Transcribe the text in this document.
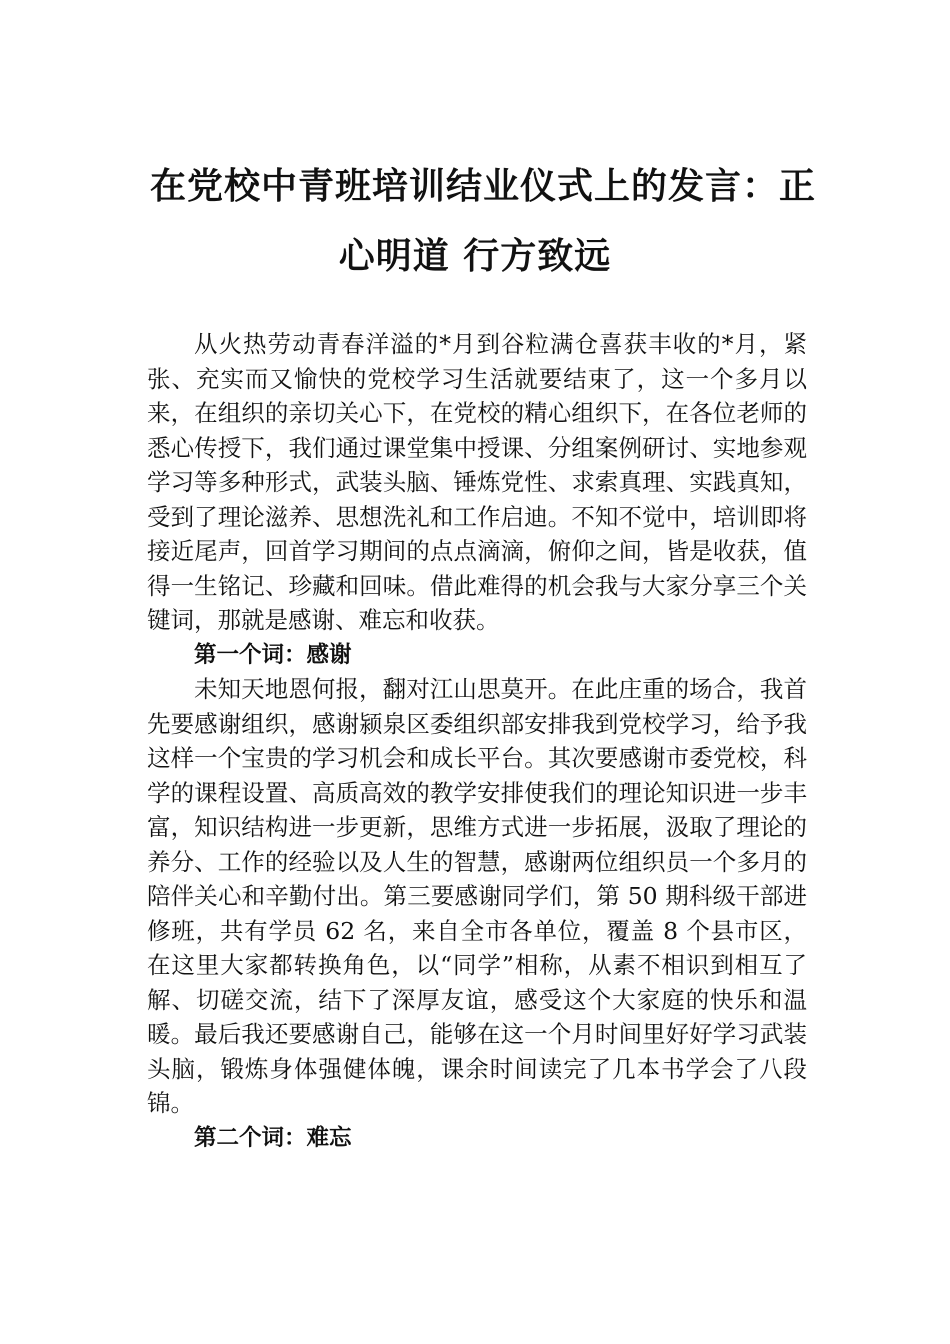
在党校中青班培训结业仪式上的发言：正
心明道 行方致远

从火热劳动青春洋溢的*月到谷粒满仓喜获丰收的*月，紧张、充实而又愉快的党校学习生活就要结束了，这一个多月以来，在组织的亲切关心下，在党校的精心组织下，在各位老师的悉心传授下，我们通过课堂集中授课、分组案例研讨、实地参观学习等多种形式，武装头脑、锤炼党性、求索真理、实践真知，受到了理论滋养、思想洗礼和工作启迪。不知不觉中，培训即将接近尾声，回首学习期间的点点滴滴，俯仰之间，皆是收获，值得一生铭记、珍藏和回味。借此难得的机会我与大家分享三个关键词，那就是感谢、难忘和收获。

第一个词：感谢

未知天地恩何报，翻对江山思莫开。在此庄重的场合，我首先要感谢组织，感谢颍泉区委组织部安排我到党校学习，给予我这样一个宝贵的学习机会和成长平台。其次要感谢市委党校，科学的课程设置、高质高效的教学安排使我们的理论知识进一步丰富，知识结构进一步更新，思维方式进一步拓展，汲取了理论的养分、工作的经验以及人生的智慧，感谢两位组织员一个多月的陪伴关心和辛勤付出。第三要感谢同学们，第 50 期科级干部进修班，共有学员 62 名，来自全市各单位，覆盖 8 个县市区，在这里大家都转换角色，以“同学”相称，从素不相识到相互了解、切磋交流，结下了深厚友谊，感受这个大家庭的快乐和温暖。最后我还要感谢自己，能够在这一个月时间里好好学习武装头脑，锻炼身体强健体魄，课余时间读完了几本书学会了八段锦。

第二个词：难忘
